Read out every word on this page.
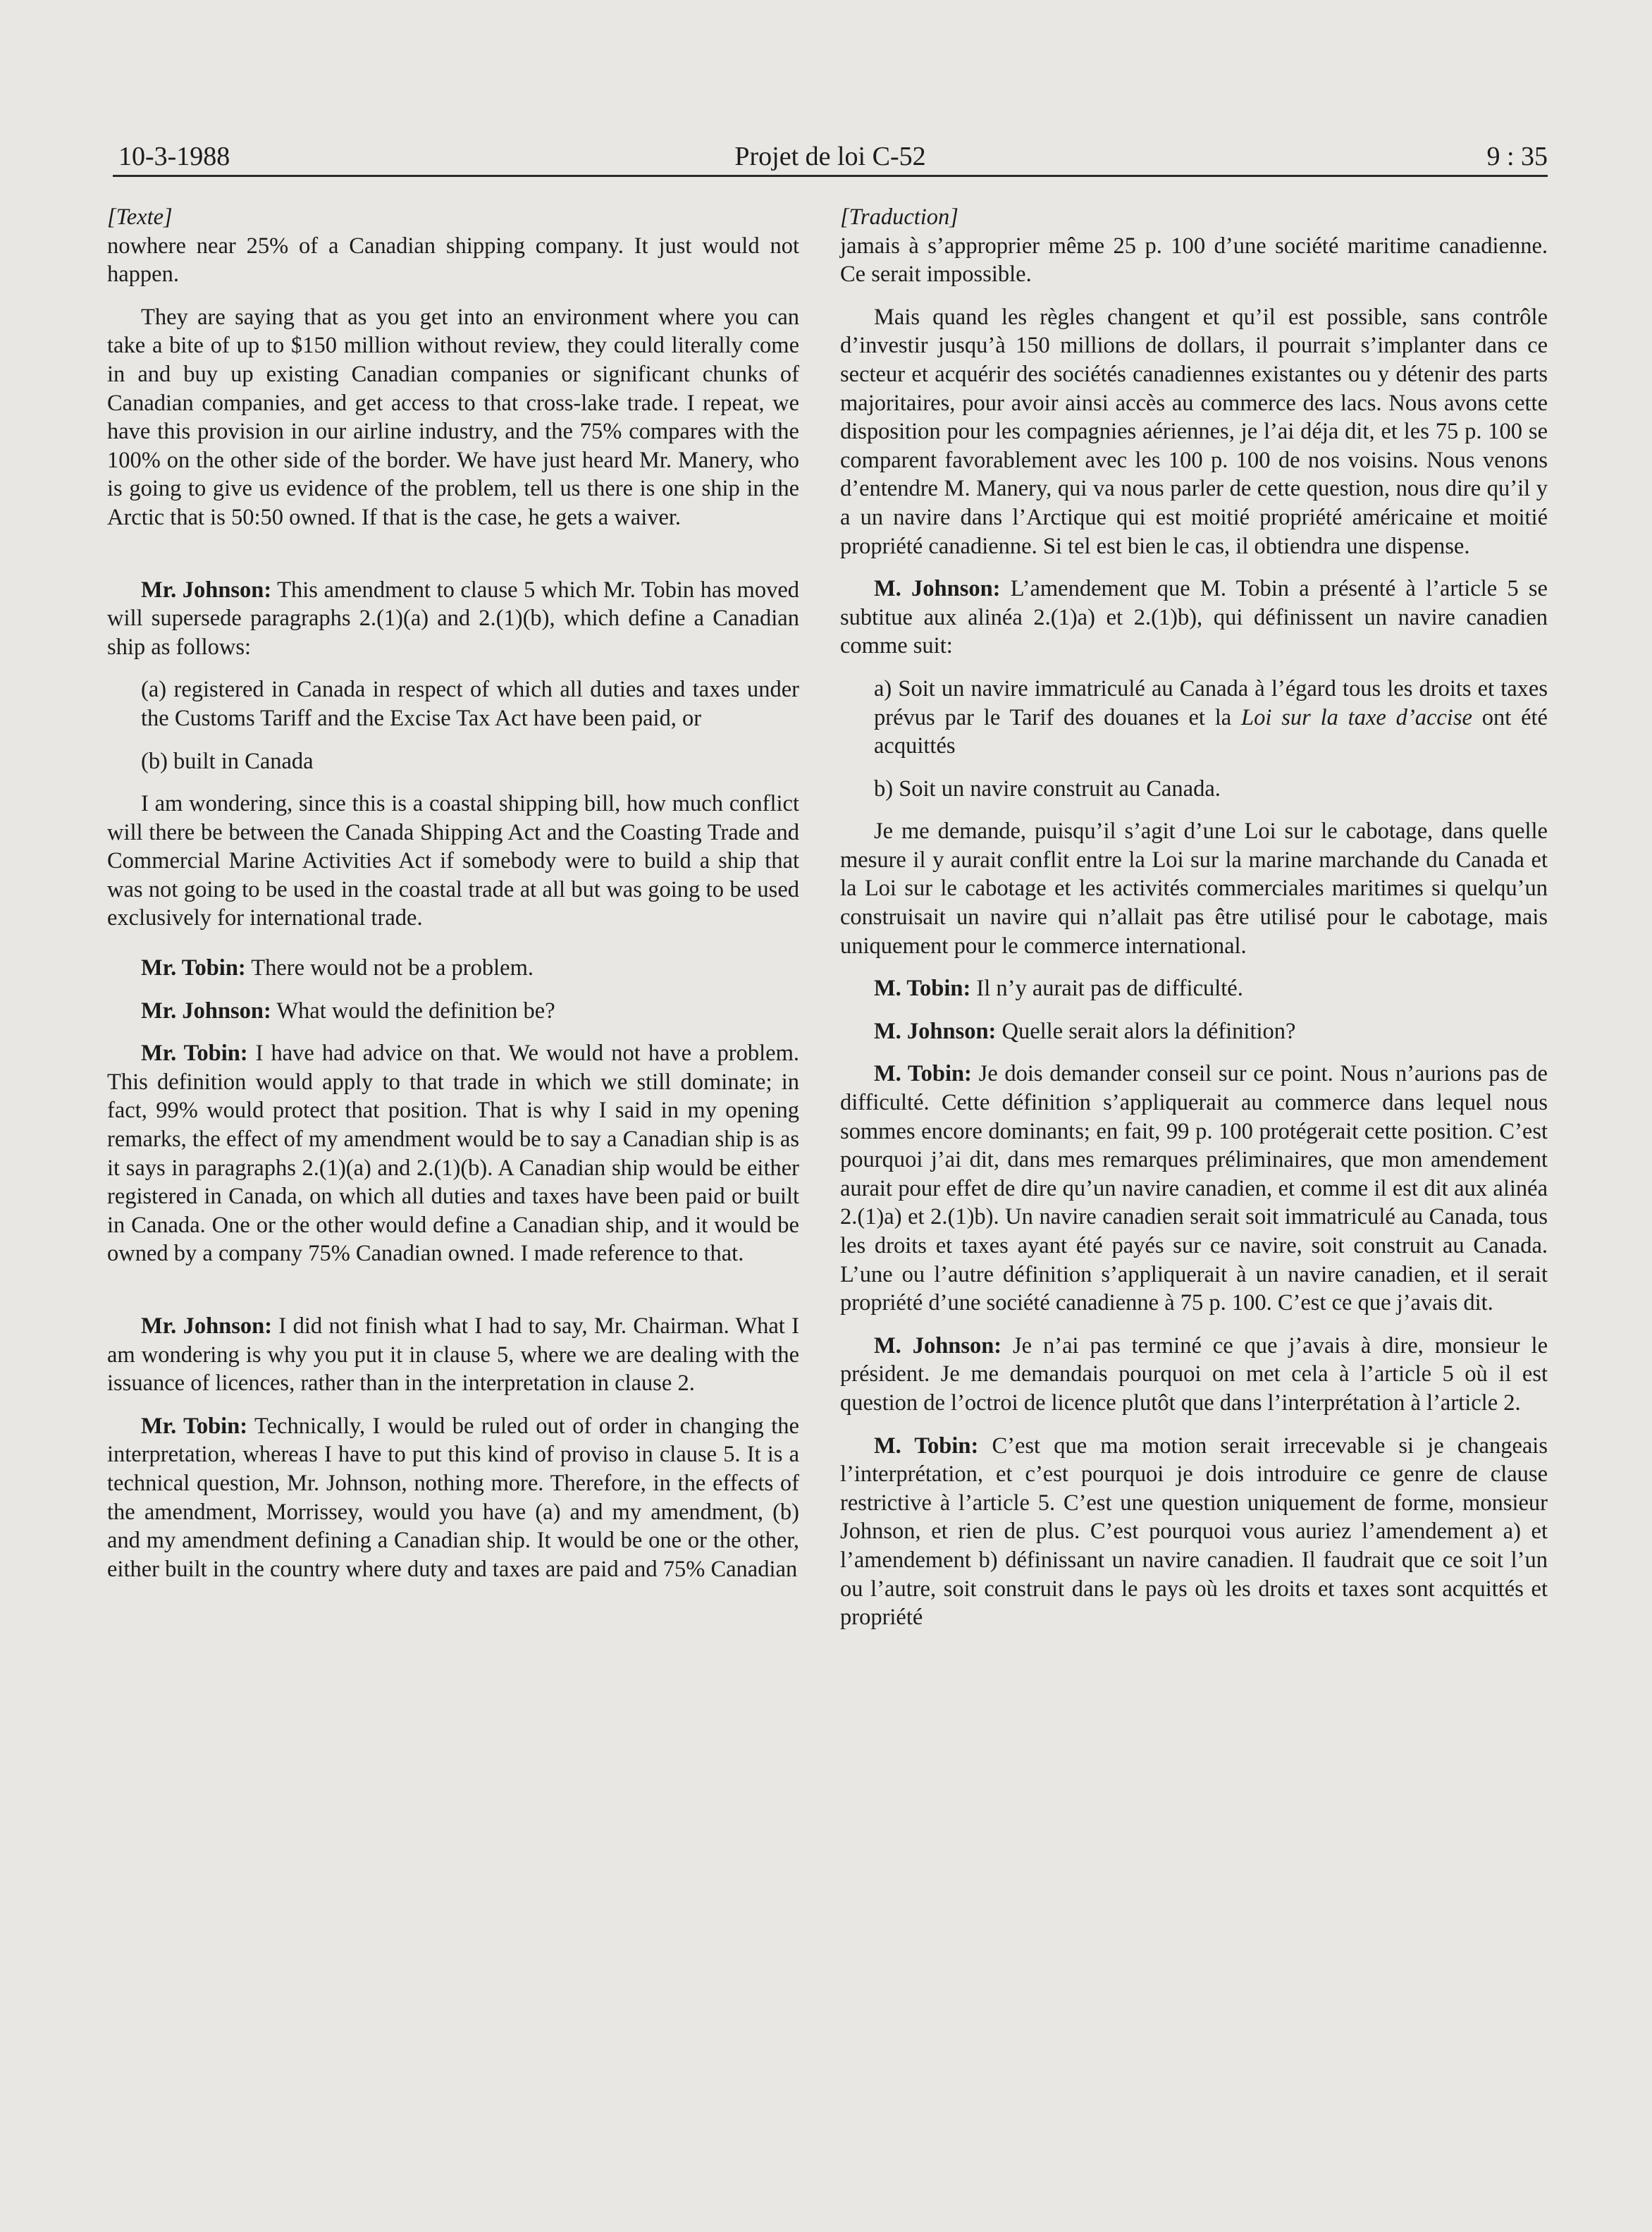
10-3-1988	Projet de loi C-52	9 : 35

[Texte]

nowhere near 25% of a Canadian shipping company. It just would not happen.

They are saying that as you get into an environment where you can take a bite of up to $150 million without review, they could literally come in and buy up existing Canadian companies or significant chunks of Canadian companies, and get access to that cross-lake trade. I repeat, we have this provision in our airline industry, and the 75% compares with the 100% on the other side of the border. We have just heard Mr. Manery, who is going to give us evidence of the problem, tell us there is one ship in the Arctic that is 50:50 owned. If that is the case, he gets a waiver.

Mr. Johnson: This amendment to clause 5 which Mr. Tobin has moved will supersede paragraphs 2.(1)(a) and 2.(1)(b), which define a Canadian ship as follows:

(a) registered in Canada in respect of which all duties and taxes under the Customs Tariff and the Excise Tax Act have been paid, or

(b) built in Canada

I am wondering, since this is a coastal shipping bill, how much conflict will there be between the Canada Shipping Act and the Coasting Trade and Commercial Marine Activities Act if somebody were to build a ship that was not going to be used in the coastal trade at all but was going to be used exclusively for international trade.

Mr. Tobin: There would not be a problem.

Mr. Johnson: What would the definition be?

Mr. Tobin: I have had advice on that. We would not have a problem. This definition would apply to that trade in which we still dominate; in fact, 99% would protect that position. That is why I said in my opening remarks, the effect of my amendment would be to say a Canadian ship is as it says in paragraphs 2.(1)(a) and 2.(1)(b). A Canadian ship would be either registered in Canada, on which all duties and taxes have been paid or built in Canada. One or the other would define a Canadian ship, and it would be owned by a company 75% Canadian owned. I made reference to that.

Mr. Johnson: I did not finish what I had to say, Mr. Chairman. What I am wondering is why you put it in clause 5, where we are dealing with the issuance of licences, rather than in the interpretation in clause 2.

Mr. Tobin: Technically, I would be ruled out of order in changing the interpretation, whereas I have to put this kind of proviso in clause 5. It is a technical question, Mr. Johnson, nothing more. Therefore, in the effects of the amendment, Morrissey, would you have (a) and my amendment, (b) and my amendment defining a Canadian ship. It would be one or the other, either built in the country where duty and taxes are paid and 75% Canadian

[Traduction]

jamais à s’approprier même 25 p. 100 d’une société maritime canadienne. Ce serait impossible.

Mais quand les règles changent et qu’il est possible, sans contrôle d’investir jusqu’à 150 millions de dollars, il pourrait s’implanter dans ce secteur et acquérir des sociétés canadiennes existantes ou y détenir des parts majoritaires, pour avoir ainsi accès au commerce des lacs. Nous avons cette disposition pour les compagnies aériennes, je l’ai déja dit, et les 75 p. 100 se comparent favorablement avec les 100 p. 100 de nos voisins. Nous venons d’entendre M. Manery, qui va nous parler de cette question, nous dire qu’il y a un navire dans l’Arctique qui est moitié propriété américaine et moitié propriété canadienne. Si tel est bien le cas, il obtiendra une dispense.

M. Johnson: L’amendement que M. Tobin a présenté à l’article 5 se subtitue aux alinéa 2.(1)a) et 2.(1)b), qui définissent un navire canadien comme suit:

a) Soit un navire immatriculé au Canada à l’égard tous les droits et taxes prévus par le Tarif des douanes et la Loi sur la taxe d’accise ont été acquittés

b) Soit un navire construit au Canada.

Je me demande, puisqu’il s’agit d’une Loi sur le cabotage, dans quelle mesure il y aurait conflit entre la Loi sur la marine marchande du Canada et la Loi sur le cabotage et les activités commerciales maritimes si quelqu’un construisait un navire qui n’allait pas être utilisé pour le cabotage, mais uniquement pour le commerce international.

M. Tobin: Il n’y aurait pas de difficulté.

M. Johnson: Quelle serait alors la définition?

M. Tobin: Je dois demander conseil sur ce point. Nous n’aurions pas de difficulté. Cette définition s’appliquerait au commerce dans lequel nous sommes encore dominants; en fait, 99 p. 100 protégerait cette position. C’est pourquoi j’ai dit, dans mes remarques préliminaires, que mon amendement aurait pour effet de dire qu’un navire canadien, et comme il est dit aux alinéa 2.(1)a) et 2.(1)b). Un navire canadien serait soit immatriculé au Canada, tous les droits et taxes ayant été payés sur ce navire, soit construit au Canada. L’une ou l’autre définition s’appliquerait à un navire canadien, et il serait propriété d’une société canadienne à 75 p. 100. C’est ce que j’avais dit.

M. Johnson: Je n’ai pas terminé ce que j’avais à dire, monsieur le président. Je me demandais pourquoi on met cela à l’article 5 où il est question de l’octroi de licence plutôt que dans l’interprétation à l’article 2.

M. Tobin: C’est que ma motion serait irrecevable si je changeais l’interprétation, et c’est pourquoi je dois introduire ce genre de clause restrictive à l’article 5. C’est une question uniquement de forme, monsieur Johnson, et rien de plus. C’est pourquoi vous auriez l’amendement a) et l’amendement b) définissant un navire canadien. Il faudrait que ce soit l’un ou l’autre, soit construit dans le pays où les droits et taxes sont acquittés et propriété
